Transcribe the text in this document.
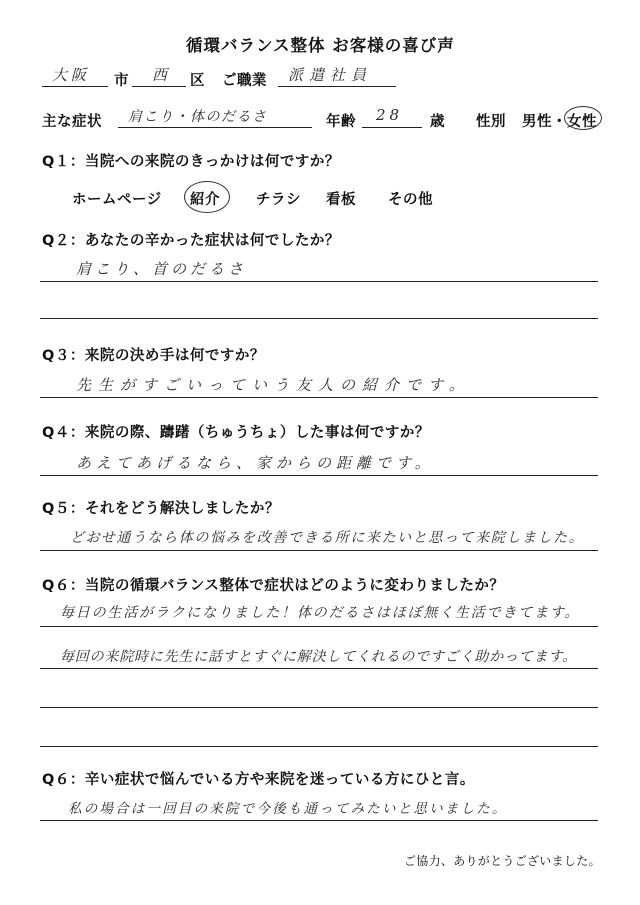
循環バランス整体 お客様の喜び声
大阪 市 西 区 ご職業 派遣社員
主な症状 肩こり・体のだるさ	年齢 28 歳 性別 男性・女性
Q１：当院への来院のきっかけは何ですか？
ホームページ 紹介 チラシ 看板 その他
Q２：あなたの辛かった症状は何でしたか？
肩こり、首のだるさ
Q３：来院の決め手は何ですか？
先生がすごいっていう友人の紹介です。
Q４：来院の際、躊躇（ちゅうちょ）した事は何ですか？
あえてあげるなら、家からの距離です。
Q５：それをどう解決しましたか？
どおせ通うなら体の悩みを改善できる所に来たいと思って来院しました。
Q６：当院の循環バランス整体で症状はどのように変わりましたか？
毎日の生活がラクになりました！体のだるさはほぼ無く生活できてます。
毎回の来院時に先生に話すとすぐに解決してくれるのですごく助かってます。
Q６：辛い症状で悩んでいる方や来院を迷っている方にひと言。
私の場合は一回目の来院で今後も通ってみたいと思いました。
ご協力、ありがとうございました。
